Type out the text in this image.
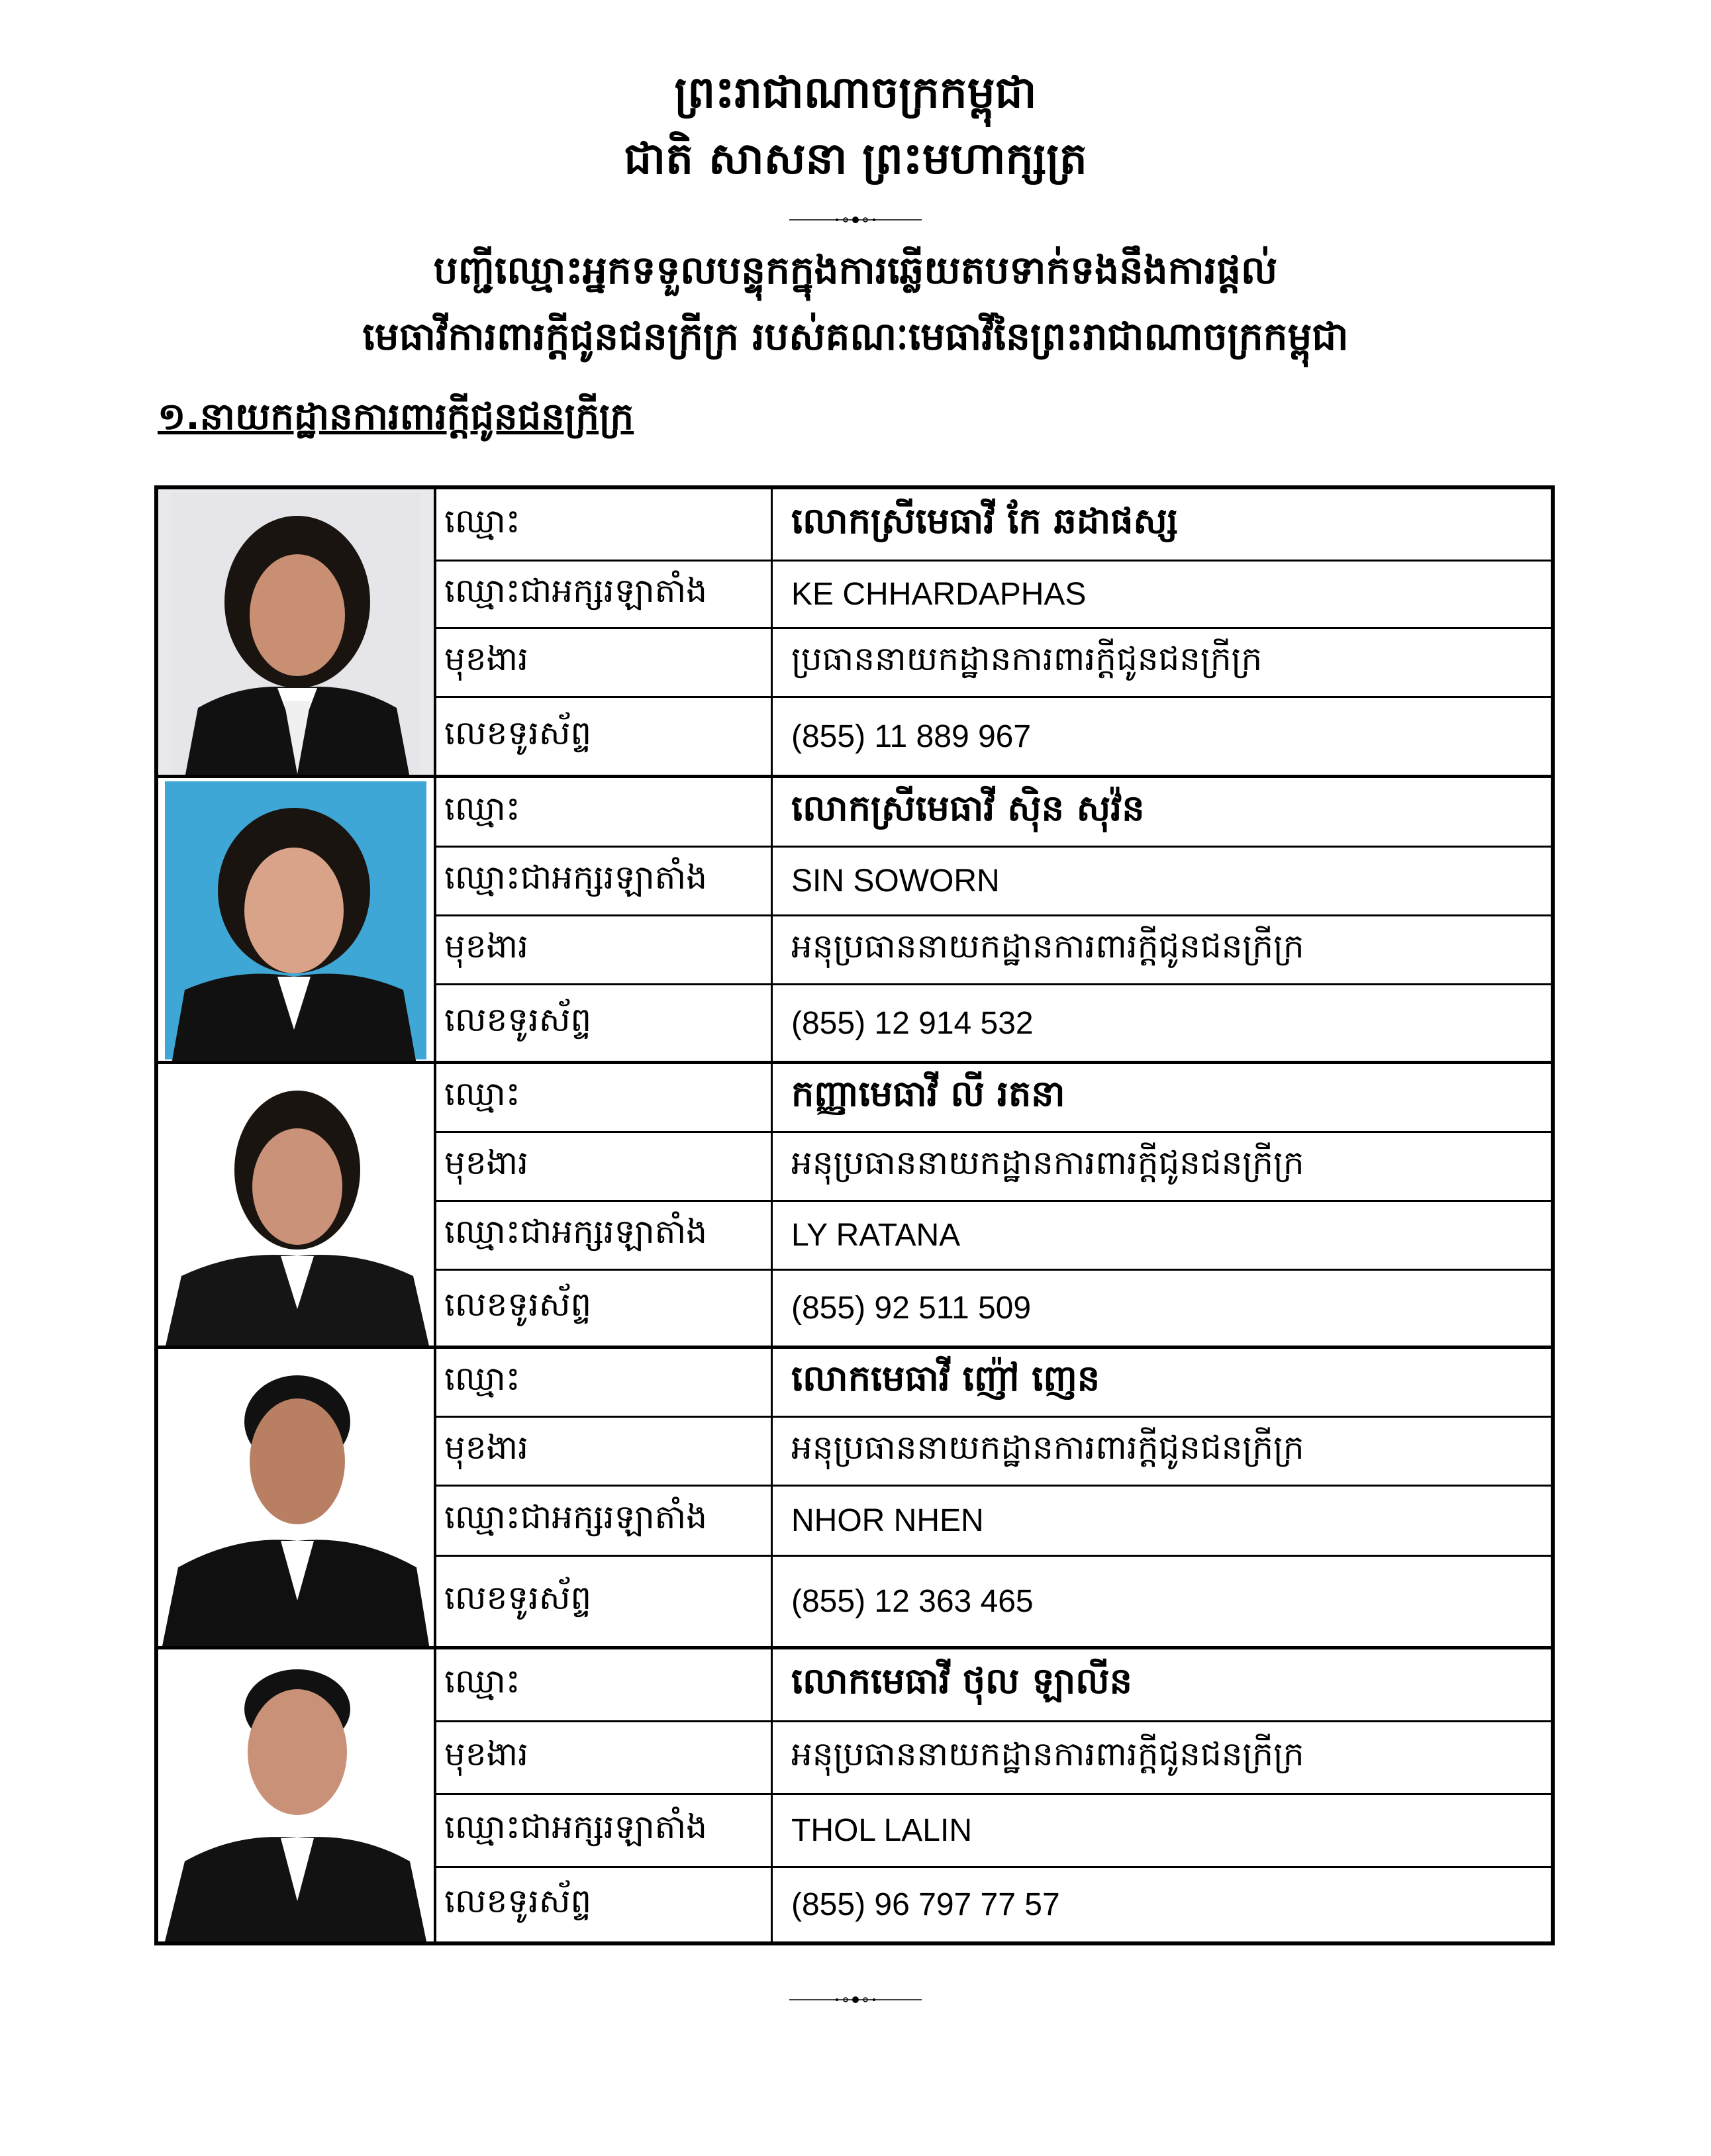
ព្រះរាជាណាចក្រកម្ពុជា
ជាតិ សាសនា ព្រះមហាក្សត្រ
បញ្ជីឈ្មោះអ្នកទទួលបន្ទុកក្នុងការឆ្លើយតបទាក់ទងនឹងការផ្តល់
មេធាវីការពារក្តីជូនជនក្រីក្រ របស់គណៈមេធាវីនៃព្រះរាជាណាចក្រកម្ពុជា
១.នាយកដ្ឋានការពារក្តីជូនជនក្រីក្រ
ឈ្មោះ	លោកស្រីមេធាវី កែ ឆដាផស្ស
ឈ្មោះជាអក្សរឡាតាំង	KE CHHARDAPHAS
មុខងារ	ប្រធាននាយកដ្ឋានការពារក្តីជូនជនក្រីក្រ
លេខទូរស័ព្ទ	(855) 11 889 967
ឈ្មោះ	លោកស្រីមេធាវី ស៊ិន សុវ៉ន
ឈ្មោះជាអក្សរឡាតាំង	SIN SOWORN
មុខងារ	អនុប្រធាននាយកដ្ឋានការពារក្តីជូនជនក្រីក្រ
លេខទូរស័ព្ទ	(855) 12 914 532
ឈ្មោះ	កញ្ញាមេធាវី លី រតនា
មុខងារ	អនុប្រធាននាយកដ្ឋានការពារក្តីជូនជនក្រីក្រ
ឈ្មោះជាអក្សរឡាតាំង	LY RATANA
លេខទូរស័ព្ទ	(855) 92 511 509
ឈ្មោះ	លោកមេធាវី ញ៉ៅ ញេន
មុខងារ	អនុប្រធាននាយកដ្ឋានការពារក្តីជូនជនក្រីក្រ
ឈ្មោះជាអក្សរឡាតាំង	NHOR NHEN
លេខទូរស័ព្ទ	(855) 12 363 465
ឈ្មោះ	លោកមេធាវី ថុល ឡាលីន
មុខងារ	អនុប្រធាននាយកដ្ឋានការពារក្តីជូនជនក្រីក្រ
ឈ្មោះជាអក្សរឡាតាំង	THOL LALIN
លេខទូរស័ព្ទ	(855) 96 797 77 57
